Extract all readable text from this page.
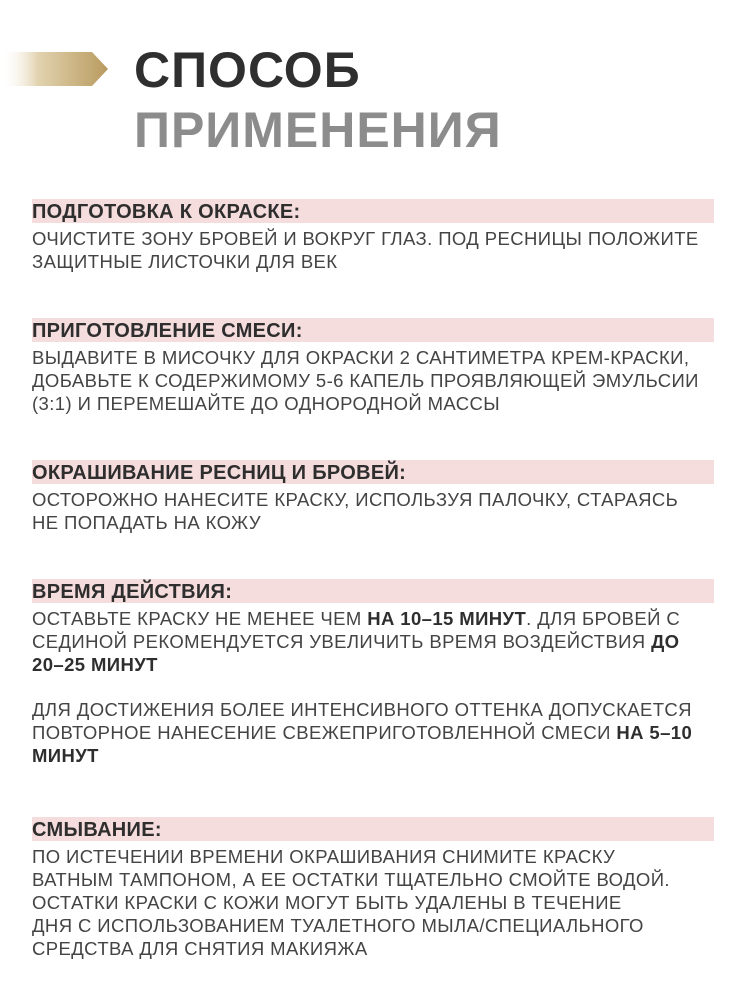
СПОСОБ
ПРИМЕНЕНИЯ
ПОДГОТОВКА К ОКРАСКЕ:

ОЧИСТИТЕ ЗОНУ БРОВЕЙ И ВОКРУГ ГЛАЗ. ПОД РЕСНИЦЫ ПОЛОЖИТЕ ЗАЩИТНЫЕ ЛИСТОЧКИ ДЛЯ ВЕК

ПРИГОТОВЛЕНИЕ СМЕСИ:

ВЫДАВИТЕ В МИСОЧКУ ДЛЯ ОКРАСКИ 2 САНТИМЕТРА КРЕМ-КРАСКИ, ДОБАВЬТЕ К СОДЕРЖИМОМУ 5-6 КАПЕЛЬ ПРОЯВЛЯЮЩЕЙ ЭМУЛЬСИИ (3:1) И ПЕРЕМЕШАЙТЕ ДО ОДНОРОДНОЙ МАССЫ

ОКРАШИВАНИЕ РЕСНИЦ И БРОВЕЙ:

ОСТОРОЖНО НАНЕСИТЕ КРАСКУ, ИСПОЛЬЗУЯ ПАЛОЧКУ, СТАРАЯСЬ НЕ ПОПАДАТЬ НА КОЖУ

ВРЕМЯ ДЕЙСТВИЯ:

ОСТАВЬТЕ КРАСКУ НЕ МЕНЕЕ ЧЕМ НА 10–15 МИНУТ. ДЛЯ БРОВЕЙ С СЕДИНОЙ РЕКОМЕНДУЕТСЯ УВЕЛИЧИТЬ ВРЕМЯ ВОЗДЕЙСТВИЯ ДО 20–25 МИНУТ

ДЛЯ ДОСТИЖЕНИЯ БОЛЕЕ ИНТЕНСИВНОГО ОТТЕНКА ДОПУСКАЕТСЯ ПОВТОРНОЕ НАНЕСЕНИЕ СВЕЖЕПРИГОТОВЛЕННОЙ СМЕСИ НА 5–10 МИНУТ

СМЫВАНИЕ:

ПО ИСТЕЧЕНИИ ВРЕМЕНИ ОКРАШИВАНИЯ СНИМИТЕ КРАСКУ
ВАТНЫМ ТАМПОНОМ, А ЕЕ ОСТАТКИ ТЩАТЕЛЬНО СМОЙТЕ ВОДОЙ.
ОСТАТКИ КРАСКИ С КОЖИ МОГУТ БЫТЬ УДАЛЕНЫ В ТЕЧЕНИЕ
ДНЯ С ИСПОЛЬЗОВАНИЕМ ТУАЛЕТНОГО МЫЛА/СПЕЦИАЛЬНОГО
СРЕДСТВА ДЛЯ СНЯТИЯ МАКИЯЖА
